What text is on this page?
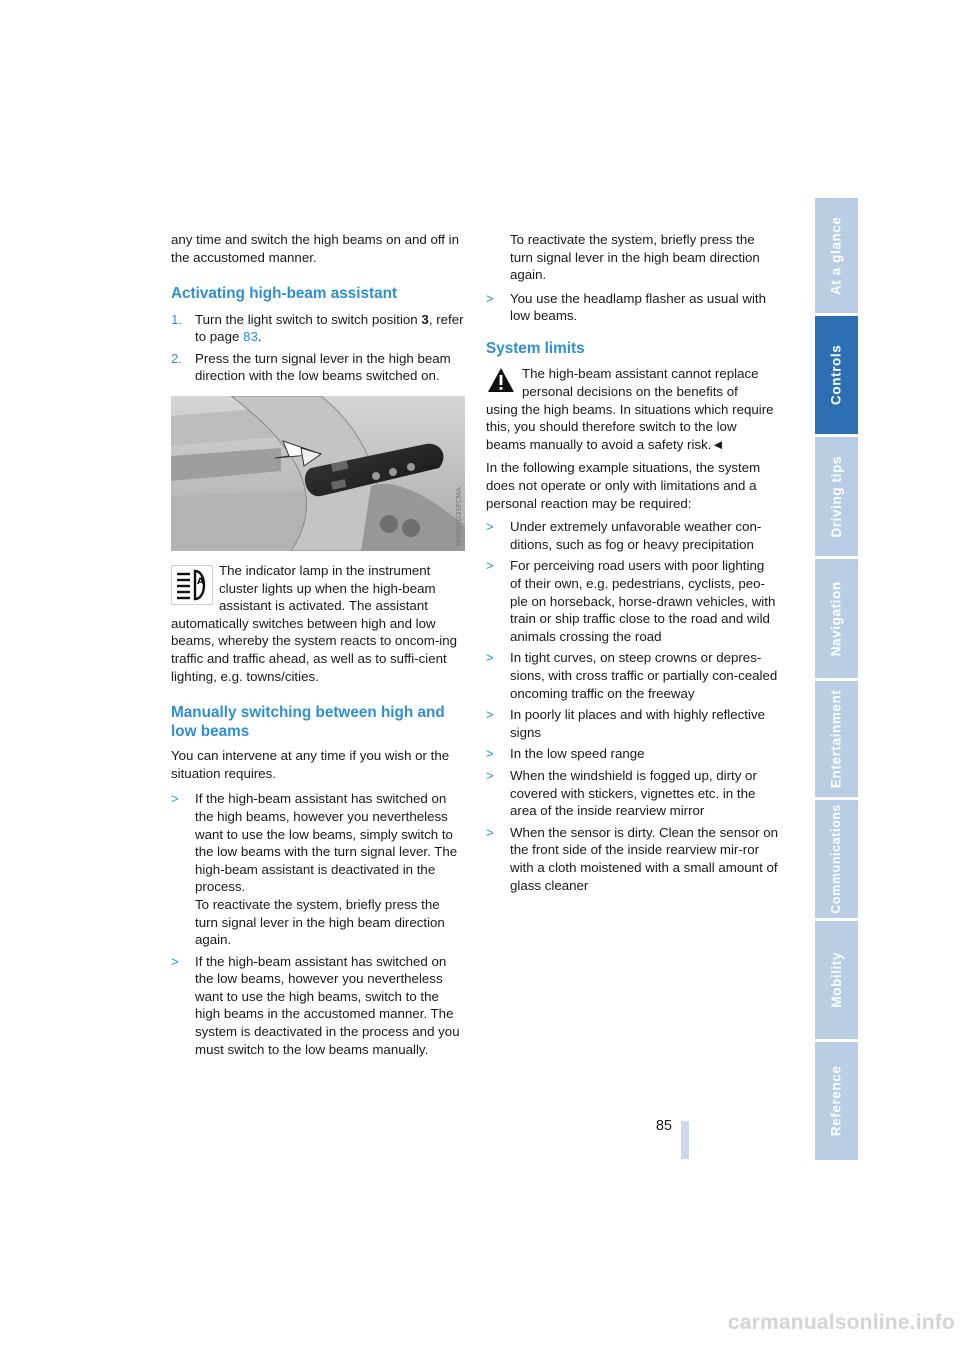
any time and switch the high beams on and off in the accustomed manner.

Activating high-beam assistant
1. Turn the light switch to switch position 3, refer to page 83.
2. Press the turn signal lever in the high beam direction with the low beams switched on.
W4005D3SFCMA
A

The indicator lamp in the instrument cluster lights up when the high-beam assistant is activated. The assistant

automatically switches between high and low beams, whereby the system reacts to oncom-ing traffic and traffic ahead, as well as to suffi-cient lighting, e.g. towns/cities.

Manually switching between high and low beams

You can intervene at any time if you wish or the situation requires.

>	If the high-beam assistant has switched on the high beams, however you nevertheless want to use the low beams, simply switch to the low beams with the turn signal lever. The high-beam assistant is deactivated in the process.
To reactivate the system, briefly press the turn signal lever in the high beam direction again.
>	If the high-beam assistant has switched on the low beams, however you nevertheless want to use the high beams, switch to the high beams in the accustomed manner. The system is deactivated in the process and you must switch to the low beams manually.

To reactivate the system, briefly press the turn signal lever in the high beam direction again.

>	You use the headlamp flasher as usual with low beams.
System limits

The high-beam assistant cannot replace personal decisions on the benefits of

using the high beams. In situations which require this, you should therefore switch to the low beams manually to avoid a safety risk.◄

In the following example situations, the system does not operate or only with limitations and a personal reaction may be required:

>	Under extremely unfavorable weather con-ditions, such as fog or heavy precipitation
>	For perceiving road users with poor lighting of their own, e.g. pedestrians, cyclists, peo-ple on horseback, horse-drawn vehicles, with train or ship traffic close to the road and wild animals crossing the road
>	In tight curves, on steep crowns or depres-sions, with cross traffic or partially con-cealed oncoming traffic on the freeway
>	In poorly lit places and with highly reflective signs
>	In the low speed range
>	When the windshield is fogged up, dirty or covered with stickers, vignettes etc. in the area of the inside rearview mirror
>	When the sensor is dirty. Clean the sensor on the front side of the inside rearview mir-ror with a cloth moistened with a small amount of glass cleaner
At a glance
Controls
Driving tips
Navigation
Entertainment
Communications
Mobility
Reference
85
carmanualsonline.info
